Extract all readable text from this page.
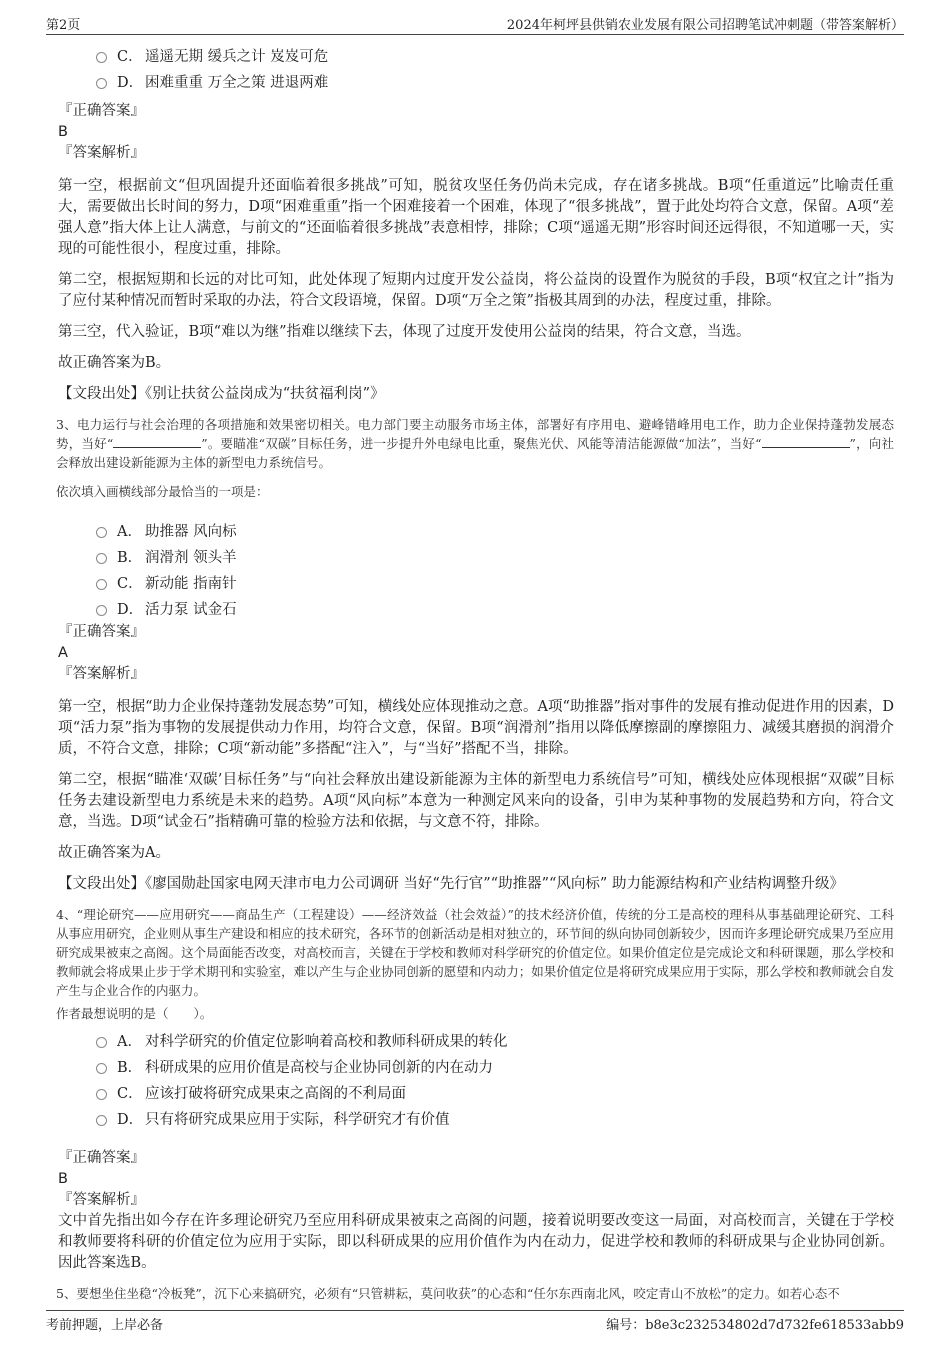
第2页	2024年柯坪县供销农业发展有限公司招聘笔试冲刺题（带答案解析）
C． 遥遥无期 缓兵之计 岌岌可危
D． 困难重重 万全之策 进退两难
『正确答案』
B
『答案解析』

第一空，根据前文“但巩固提升还面临着很多挑战”可知，脱贫攻坚任务仍尚未完成，存在诸多挑战。B项“任重道远”比喻责任重大，需要做出长时间的努力，D项“困难重重”指一个困难接着一个困难，体现了“很多挑战”，置于此处均符合文意，保留。A项“差强人意”指大体上让人满意，与前文的“还面临着很多挑战”表意相悖，排除；C项“遥遥无期”形容时间还远得很，不知道哪一天，实现的可能性很小，程度过重，排除。

第二空，根据短期和长远的对比可知，此处体现了短期内过度开发公益岗，将公益岗的设置作为脱贫的手段，B项“权宜之计”指为了应付某种情况而暂时采取的办法，符合文段语境，保留。D项“万全之策”指极其周到的办法，程度过重，排除。

第三空，代入验证，B项“难以为继”指难以继续下去，体现了过度开发使用公益岗的结果，符合文意，当选。

故正确答案为B。

【文段出处】《别让扶贫公益岗成为“扶贫福利岗”》

3、电力运行与社会治理的各项措施和效果密切相关。电力部门要主动服务市场主体，部署好有序用电、避峰错峰用电工作，助力企业保持蓬勃发展态势，当好“	”。要瞄准“双碳”目标任务，进一步提升外电绿电比重，聚焦光伏、风能等清洁能源做“加法”，当好“	”，向社会释放出建设新能源为主体的新型电力系统信号。

依次填入画横线部分最恰当的一项是：

A． 助推器 风向标
B． 润滑剂 领头羊
C． 新动能 指南针
D． 活力泵 试金石
『正确答案』
A
『答案解析』

第一空，根据“助力企业保持蓬勃发展态势”可知，横线处应体现推动之意。A项“助推器”指对事件的发展有推动促进作用的因素，D项“活力泵”指为事物的发展提供动力作用，均符合文意，保留。B项“润滑剂”指用以降低摩擦副的摩擦阻力、减缓其磨损的润滑介质，不符合文意，排除；C项“新动能”多搭配“注入”，与“当好”搭配不当，排除。

第二空，根据“瞄准‘双碳’目标任务”与“向社会释放出建设新能源为主体的新型电力系统信号”可知，横线处应体现根据“双碳”目标任务去建设新型电力系统是未来的趋势。A项“风向标”本意为一种测定风来向的设备，引申为某种事物的发展趋势和方向，符合文意，当选。D项“试金石”指精确可靠的检验方法和依据，与文意不符，排除。

故正确答案为A。

【文段出处】《廖国勋赴国家电网天津市电力公司调研 当好“先行官”“助推器”“风向标” 助力能源结构和产业结构调整升级》

4、“理论研究——应用研究——商品生产（工程建设）——经济效益（社会效益）”的技术经济价值，传统的分工是高校的理科从事基础理论研究、工科从事应用研究，企业则从事生产建设和相应的技术研究，各环节的创新活动是相对独立的，环节间的纵向协同创新较少，因而许多理论研究成果乃至应用研究成果被束之高阁。这个局面能否改变，对高校而言，关键在于学校和教师对科学研究的价值定位。如果价值定位是完成论文和科研课题，那么学校和教师就会将成果止步于学术期刊和实验室，难以产生与企业协同创新的愿望和内动力；如果价值定位是将研究成果应用于实际，那么学校和教师就会自发产生与企业合作的内驱力。

作者最想说明的是（　　）。

A． 对科学研究的价值定位影响着高校和教师科研成果的转化
B． 科研成果的应用价值是高校与企业协同创新的内在动力
C． 应该打破将研究成果束之高阁的不利局面
D． 只有将研究成果应用于实际，科学研究才有价值
『正确答案』
B
『答案解析』

文中首先指出如今存在许多理论研究乃至应用科研成果被束之高阁的问题，接着说明要改变这一局面，对高校而言，关键在于学校和教师要将科研的价值定位为应用于实际，即以科研成果的应用价值作为内在动力，促进学校和教师的科研成果与企业协同创新。因此答案选B。

5、要想坐住坐稳“冷板凳”，沉下心来搞研究，必须有“只管耕耘，莫问收获”的心态和“任尔东西南北风，咬定青山不放松”的定力。如若心态不

考前押题，上岸必备	编号：b8e3c232534802d7d732fe618533abb9
